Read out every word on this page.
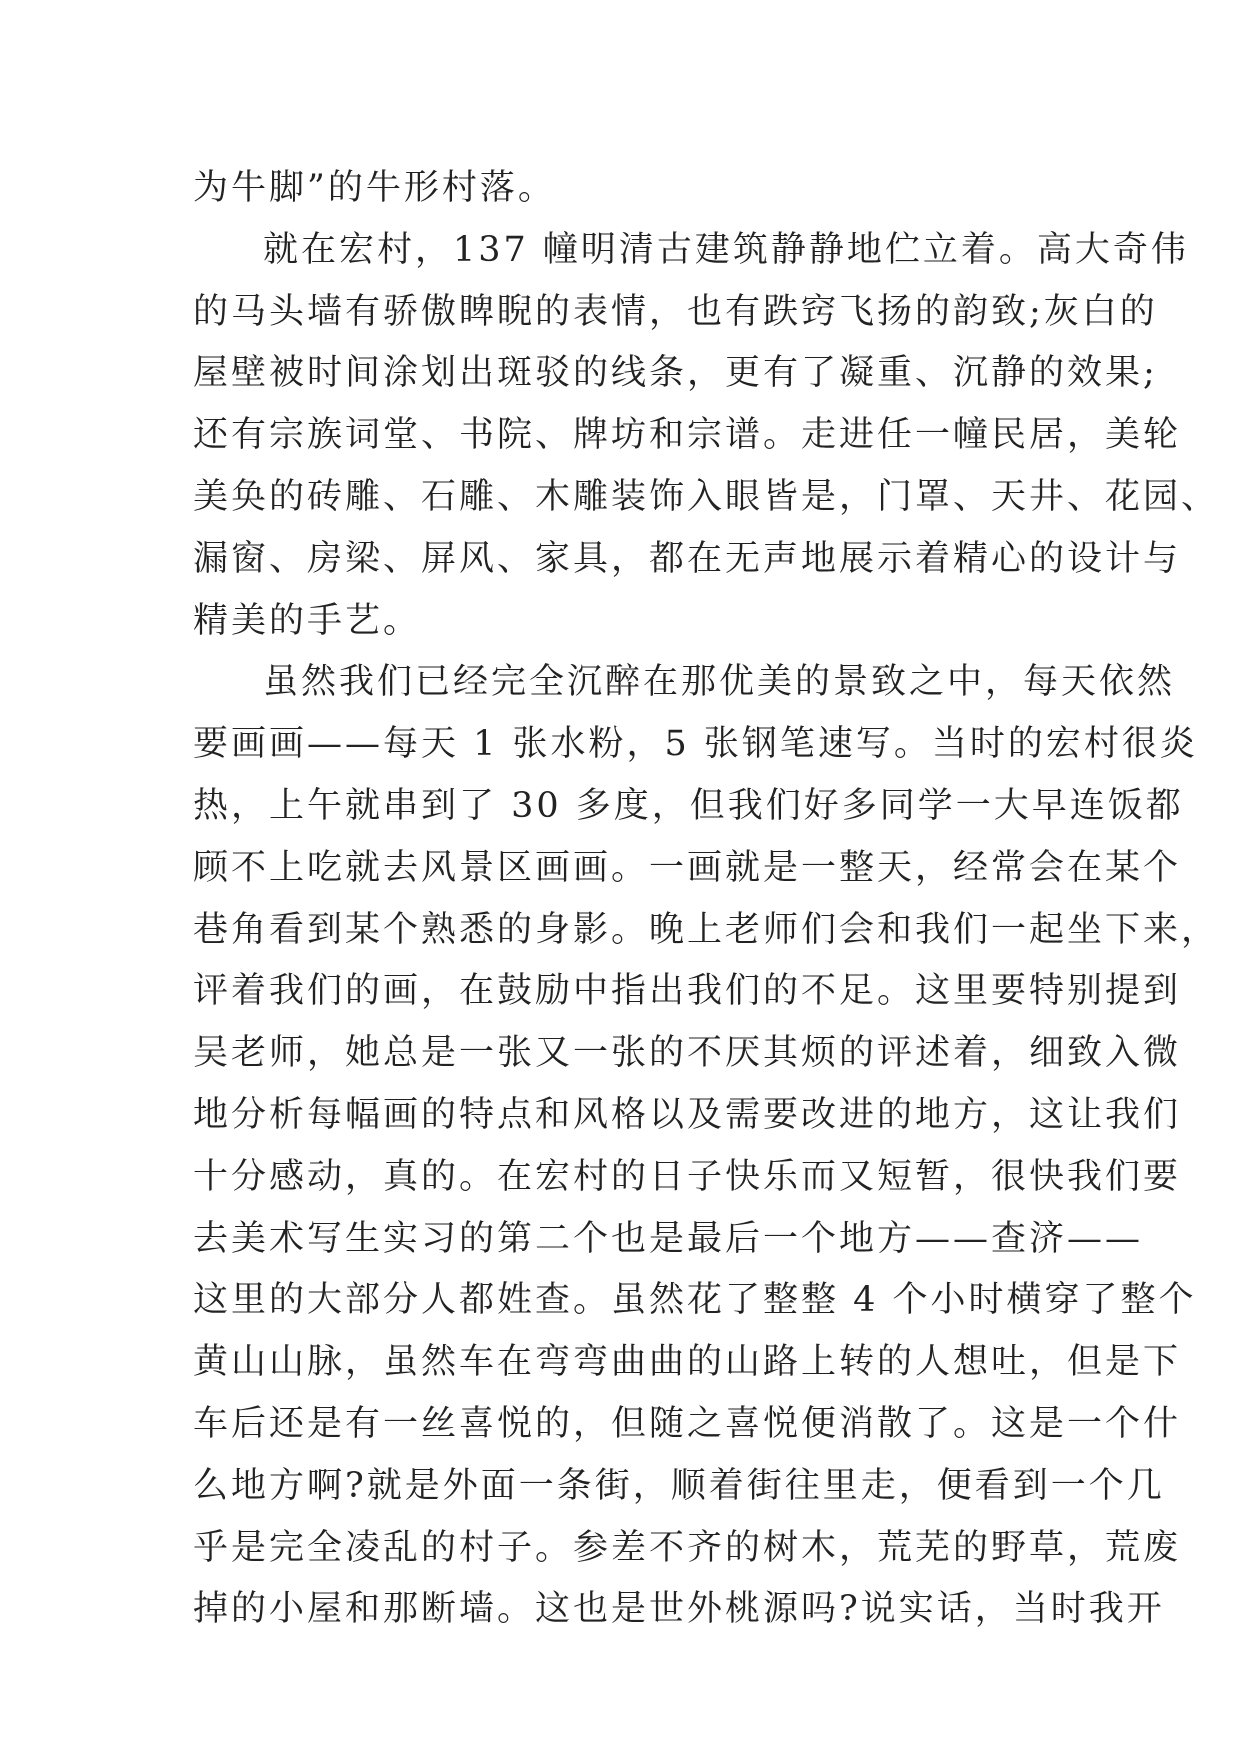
为牛脚”的牛形村落。
就在宏村，137 幢明清古建筑静静地伫立着。高大奇伟
的马头墙有骄傲睥睨的表情，也有跌窍飞扬的韵致;灰白的
屋壁被时间涂划出斑驳的线条，更有了凝重、沉静的效果;
还有宗族词堂、书院、牌坊和宗谱。走进任一幢民居，美轮
美奂的砖雕、石雕、木雕装饰入眼皆是，门罩、天井、花园、
漏窗、房梁、屏风、家具，都在无声地展示着精心的设计与
精美的手艺。
虽然我们已经完全沉醉在那优美的景致之中，每天依然
要画画——每天 1 张水粉，5 张钢笔速写。当时的宏村很炎
热，上午就串到了 30 多度，但我们好多同学一大早连饭都
顾不上吃就去风景区画画。一画就是一整天，经常会在某个
巷角看到某个熟悉的身影。晚上老师们会和我们一起坐下来，
评着我们的画，在鼓励中指出我们的不足。这里要特别提到
吴老师，她总是一张又一张的不厌其烦的评述着，细致入微
地分析每幅画的特点和风格以及需要改进的地方，这让我们
十分感动，真的。在宏村的日子快乐而又短暂，很快我们要
去美术写生实习的第二个也是最后一个地方——查济——
这里的大部分人都姓查。虽然花了整整 4 个小时横穿了整个
黄山山脉，虽然车在弯弯曲曲的山路上转的人想吐，但是下
车后还是有一丝喜悦的，但随之喜悦便消散了。这是一个什
么地方啊?就是外面一条街，顺着街往里走，便看到一个几
乎是完全凌乱的村子。参差不齐的树木，荒芜的野草，荒废
掉的小屋和那断墙。这也是世外桃源吗?说实话，当时我开
